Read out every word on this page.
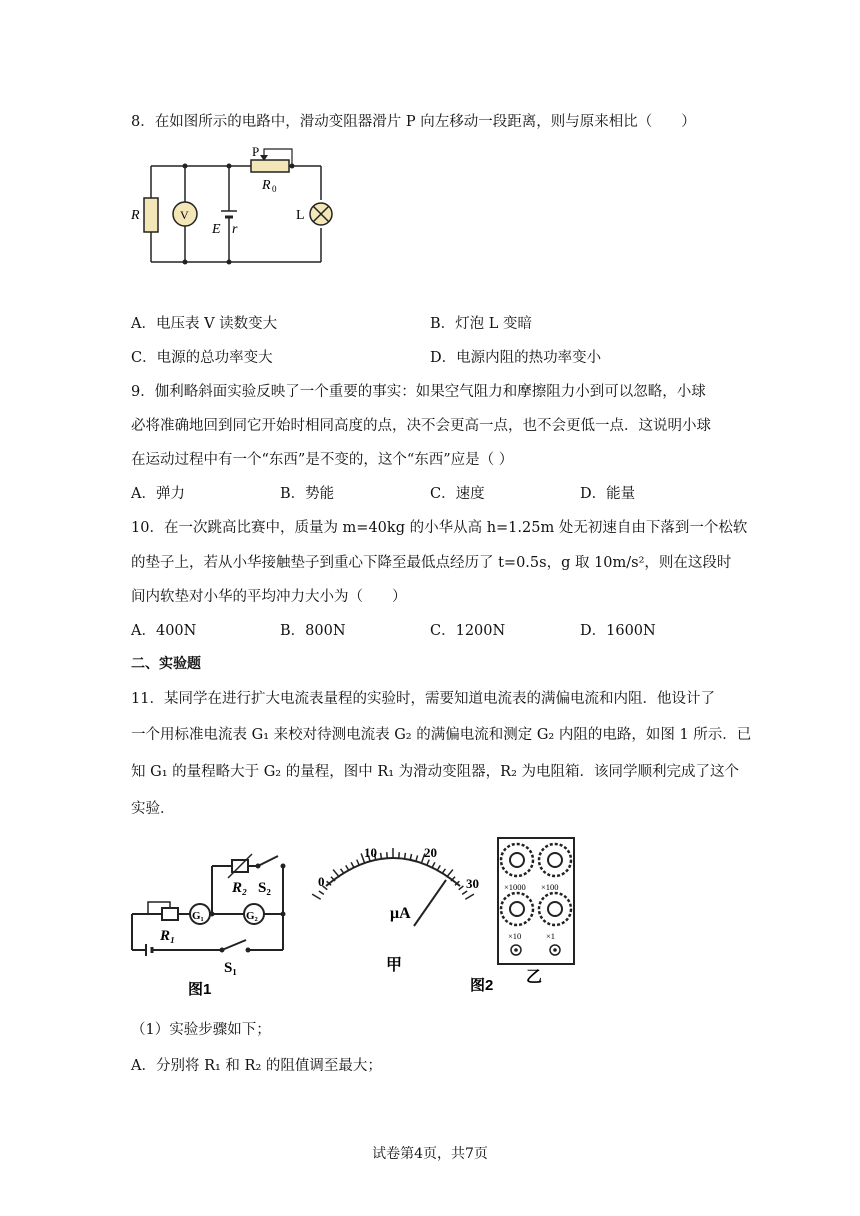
8．在如图所示的电路中，滑动变阻器滑片 P 向左移动一段距离，则与原来相比（　　）
V
E r
P
R 0
L
R
A．电压表 V 读数变大	B．灯泡 L 变暗
C．电源的总功率变大	D．电源内阻的热功率变小
9．伽利略斜面实验反映了一个重要的事实：如果空气阻力和摩擦阻力小到可以忽略，小球
必将准确地回到同它开始时相同高度的点，决不会更高一点，也不会更低一点．这说明小球
在运动过程中有一个“东西”是不变的，这个“东西”应是（ ）
A．弹力	B．势能	C．速度	D．能量
10．在一次跳高比赛中，质量为 m=40kg 的小华从高 h=1.25m 处无初速自由下落到一个松软
的垫子上，若从小华接触垫子到重心下降至最低点经历了 t=0.5s，g 取 10m/s²，则在这段时
间内软垫对小华的平均冲力大小为（　　）
A．400N	B．800N	C．1200N	D．1600N
二、实验题
11．某同学在进行扩大电流表量程的实验时，需要知道电流表的满偏电流和内阻．他设计了
一个用标准电流表 G₁ 来校对待测电流表 G₂ 的满偏电流和测定 G₂ 内阻的电路，如图 1 所示．已
知 G₁ 的量程略大于 G₂ 的量程，图中 R₁ 为滑动变阻器，R₂ 为电阻箱．该同学顺利完成了这个
实验．
G₁	G₂
R₂ S₂
R₁
S₁
图1
0
10	20
30
μA
甲
图2
×1000 ×100
×10	×1
乙
（1）实验步骤如下；
A．分别将 R₁ 和 R₂ 的阻值调至最大；
试卷第4页，共7页
